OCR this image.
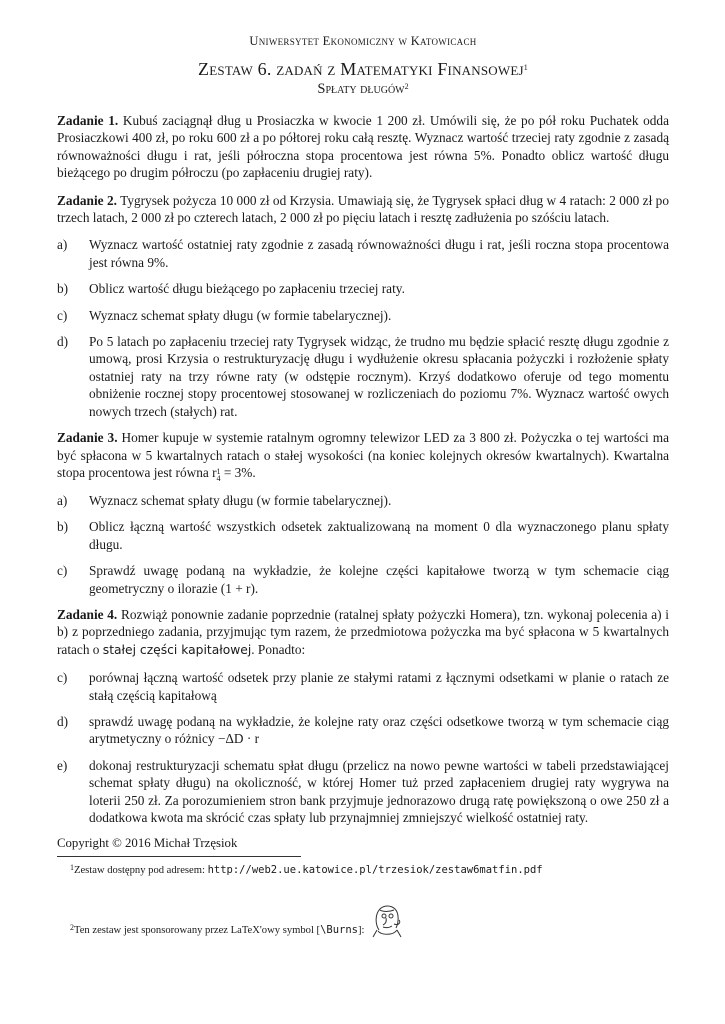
Uniwersytet Ekonomiczny w Katowicach
Zestaw 6. zadań z Matematyki Finansowej$^1$
Spłaty długów$^2$

Zadanie 1. Kubuś zaciągnął dług u Prosiaczka w kwocie 1 200 zł. Umówili się, że po pół roku Puchatek odda Prosiaczkowi 400 zł, po roku 600 zł a po półtorej roku całą resztę. Wyznacz wartość trzeciej raty zgodnie z zasadą równoważności długu i rat, jeśli półroczna stopa procentowa jest równa 5%. Ponadto oblicz wartość długu bieżącego po drugim półroczu (po zapłaceniu drugiej raty).

Zadanie 2. Tygrysek pożycza 10 000 zł od Krzysia. Umawiają się, że Tygrysek spłaci dług w 4 ratach: 2 000 zł po trzech latach, 2 000 zł po czterech latach, 2 000 zł po pięciu latach i resztę zadłużenia po szóściu latach.

a)	Wyznacz wartość ostatniej raty zgodnie z zasadą równoważności długu i rat, jeśli roczna stopa procentowa jest równa 9%.
b)	Oblicz wartość długu bieżącego po zapłaceniu trzeciej raty.
c)	Wyznacz schemat spłaty długu (w formie tabelarycznej).
d)	Po 5 latach po zapłaceniu trzeciej raty Tygrysek widząc, że trudno mu będzie spłacić resztę długu zgodnie z umową, prosi Krzysia o restrukturyzację długu i wydłużenie okresu spłacania pożyczki i rozłożenie spłaty ostatniej raty na trzy równe raty (w odstępie rocznym). Krzyś dodatkowo oferuje od tego momentu obniżenie rocznej stopy procentowej stosowanej w rozliczeniach do poziomu 7%. Wyznacz wartość owych nowych trzech (stałych) rat.

Zadanie 3. Homer kupuje w systemie ratalnym ogromny telewizor LED za 3 800 zł. Pożyczka o tej wartości ma być spłacona w 5 kwartalnych ratach o stałej wysokości (na koniec kolejnych okresów kwartalnych). Kwartalna stopa procentowa jest równa r1
4 = 3%.

a)	Wyznacz schemat spłaty długu (w formie tabelarycznej).
b)	Oblicz łączną wartość wszystkich odsetek zaktualizowaną na moment 0 dla wyznaczonego planu spłaty długu.
c)	Sprawdź uwagę podaną na wykładzie, że kolejne części kapitałowe tworzą w tym schemacie ciąg geometryczny o ilorazie (1 + r).

Zadanie 4. Rozwiąż ponownie zadanie poprzednie (ratalnej spłaty pożyczki Homera), tzn. wykonaj polecenia a) i b) z poprzedniego zadania, przyjmując tym razem, że przedmiotowa pożyczka ma być spłacona w 5 kwartalnych ratach o stałej części kapitałowej. Ponadto:

c)	porównaj łączną wartość odsetek przy planie ze stałymi ratami z łącznymi odsetkami w planie o ratach ze stałą częścią kapitałową
d)	sprawdź uwagę podaną na wykładzie, że kolejne raty oraz części odsetkowe tworzą w tym schemacie ciąg arytmetyczny o różnicy −ΔD · r
e)	dokonaj restrukturyzacji schematu spłat długu (przelicz na nowo pewne wartości w tabeli przedstawiającej schemat spłaty długu) na okoliczność, w której Homer tuż przed zapłaceniem drugiej raty wygrywa na loterii 250 zł. Za porozumieniem stron bank przyjmuje jednorazowo drugą ratę powiększoną o owe 250 zł a dodatkowa kwota ma skrócić czas spłaty lub przynajmniej zmniejszyć wielkość ostatniej raty.
Copyright © 2016 Michał Trzęsiok
$^1$Zestaw dostępny pod adresem: http://web2.ue.katowice.pl/trzesiok/zestaw6matfin.pdf
$^2$Ten zestaw jest sponsorowany przez LaTeX'owy symbol [\Burns]:
